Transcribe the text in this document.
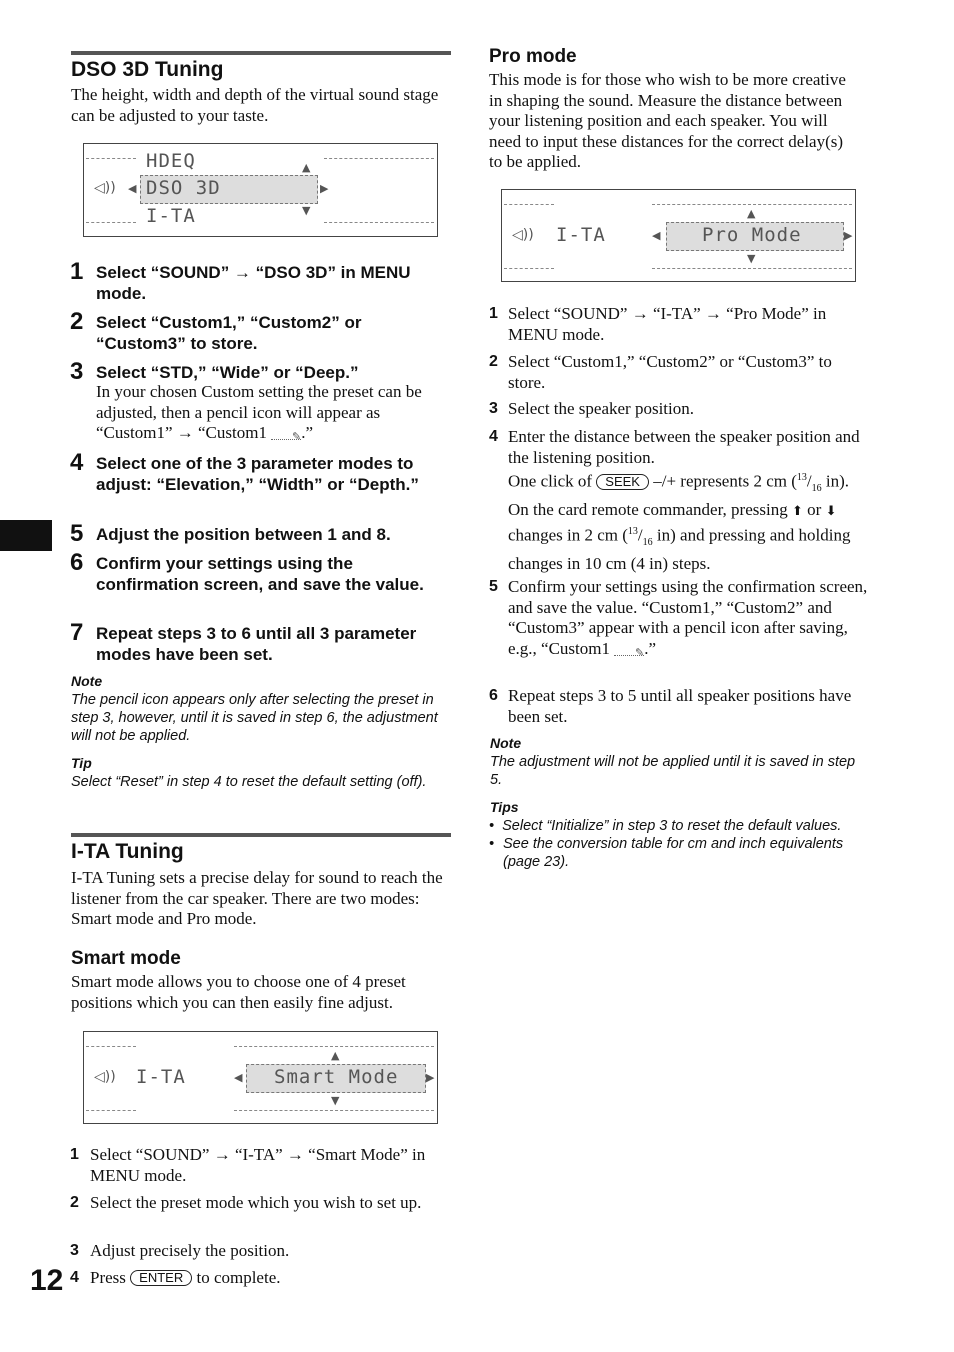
12
DSO 3D Tuning
The height, width and depth of the virtual sound stage can be adjusted to your taste.
HDEQ
DSO 3D
I-TA
◁)) ◀	▶
▲
▼
1 Select “SOUND” → “DSO 3D” in MENU mode.
2 Select “Custom1,” “Custom2” or “Custom3” to store.
3 Select “STD,” “Wide” or “Deep.”
In your chosen Custom setting the preset can be adjusted, then a pencil icon will appear as “Custom1” → “Custom1 ✎.”
4 Select one of the 3 parameter modes to adjust: “Elevation,” “Width” or “Depth.”
5 Adjust the position between 1 and 8.
6 Confirm your settings using the confirmation screen, and save the value.
7 Repeat steps 3 to 6 until all 3 parameter modes have been set.
Note
The pencil icon appears only after selecting the preset in step 3, however, until it is saved in step 6, the adjustment will not be applied.
Tip
Select “Reset” in step 4 to reset the default setting (off).
I-TA Tuning
I-TA Tuning sets a precise delay for sound to reach the listener from the car speaker. There are two modes: Smart mode and Pro mode.
Smart mode
Smart mode allows you to choose one of 4 preset positions which you can then easily fine adjust.
◁)) I-TA	◀ Smart Mode	▶
▲
▼
1 Select “SOUND” → “I-TA” → “Smart Mode” in MENU mode.
2 Select the preset mode which you wish to set up.
3 Adjust precisely the position.
4 Press ENTER to complete.
Pro mode
This mode is for those who wish to be more creative in shaping the sound. Measure the distance between your listening position and each speaker. You will need to input these distances for the correct delay(s) to be applied.
◁)) I-TA	◀ Pro Mode	▶
▲
▼
1 Select “SOUND” → “I-TA” → “Pro Mode” in MENU mode.
2 Select “Custom1,” “Custom2” or “Custom3” to store.
3 Select the speaker position.
4 Enter the distance between the speaker position and the listening position.
One click of SEEK –/+ represents 2 cm ($^{13}/_{16}$ in). On the card remote commander, pressing ⬆ or ⬇ changes in 2 cm ($^{13}/_{16}$ in) and pressing and holding changes in 10 cm (4 in) steps.
5 Confirm your settings using the confirmation screen, and save the value. “Custom1,” “Custom2” and “Custom3” appear with a pencil icon after saving, e.g., “Custom1 ✎.”
6 Repeat steps 3 to 5 until all speaker positions have been set.
Note
The adjustment will not be applied until it is saved in step 5.
Tips
•  Select “Initialize” in step 3 to reset the default values.
• See the conversion table for cm and inch equivalents (page 23).
